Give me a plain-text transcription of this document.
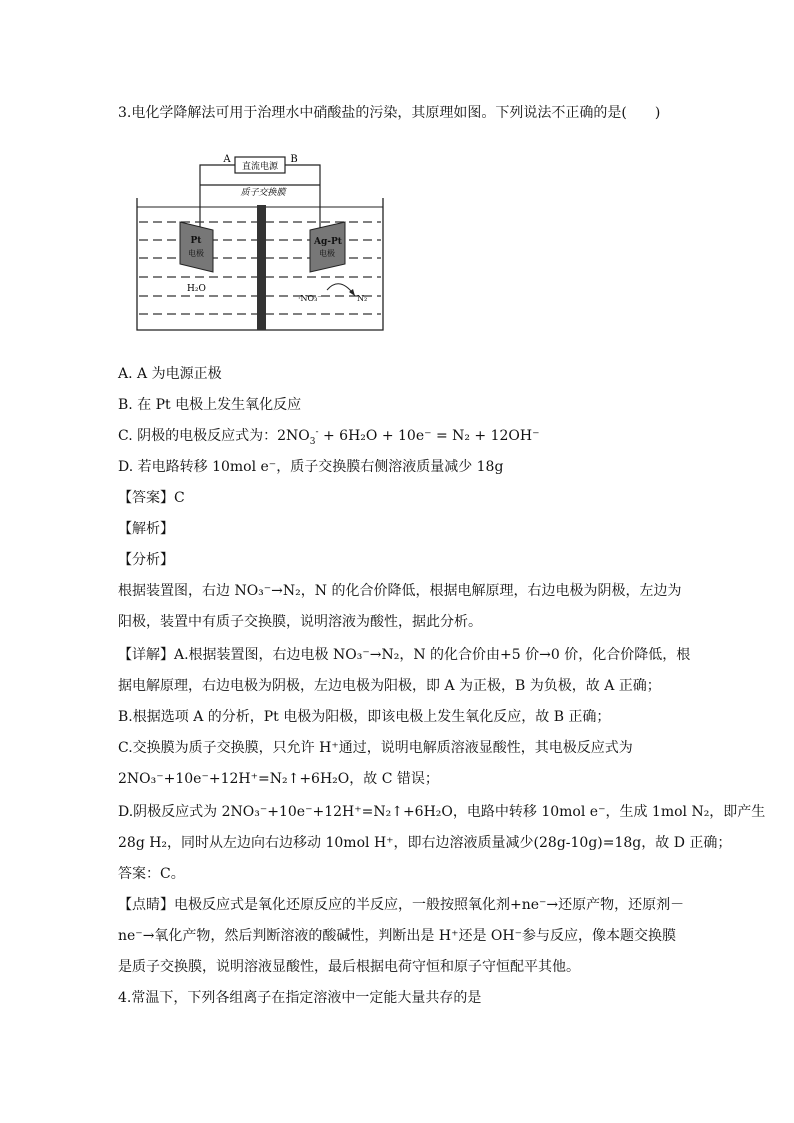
3.电化学降解法可用于治理水中硝酸盐的污染，其原理如图。下列说法不正确的是(　　)
直流电源
A	B
质子交换膜
Pt
电极
Ag-Pt
电极
H₂O
·NO₃⁻	N₂
A. A 为电源正极
B. 在 Pt 电极上发生氧化反应
C. 阴极的电极反应式为：$2NO_3^- + 6H_2O + 10e^- = N_2 + 12OH^-$
D. 若电路转移 10mol e⁻，质子交换膜右侧溶液质量减少 18g
【答案】C
【解析】
【分析】
根据装置图，右边 NO₃⁻→N₂，N 的化合价降低，根据电解原理，右边电极为阴极，左边为
阳极，装置中有质子交换膜，说明溶液为酸性，据此分析。
【详解】A.根据装置图，右边电极 NO₃⁻→N₂，N 的化合价由+5 价→0 价，化合价降低，根
据电解原理，右边电极为阴极，左边电极为阳极，即 A 为正极，B 为负极，故 A 正确；
B.根据选项 A 的分析，Pt 电极为阳极，即该电极上发生氧化反应，故 B 正确；
C.交换膜为质子交换膜，只允许 H⁺通过，说明电解质溶液显酸性，其电极反应式为
2NO₃⁻+10e⁻+12H⁺=N₂↑+6H₂O，故 C 错误；
D.阴极反应式为 2NO₃⁻+10e⁻+12H⁺=N₂↑+6H₂O，电路中转移 10mol e⁻，生成 1mol N₂，即产生
28g H₂，同时从左边向右边移动 10mol H⁺，即右边溶液质量减少(28g-10g)=18g，故 D 正确；
答案：C。
【点睛】电极反应式是氧化还原反应的半反应，一般按照氧化剂+ne⁻→还原产物，还原剂－
ne⁻→氧化产物，然后判断溶液的酸碱性，判断出是 H⁺还是 OH⁻参与反应，像本题交换膜
是质子交换膜，说明溶液显酸性，最后根据电荷守恒和原子守恒配平其他。
4.常温下，下列各组离子在指定溶液中一定能大量共存的是
